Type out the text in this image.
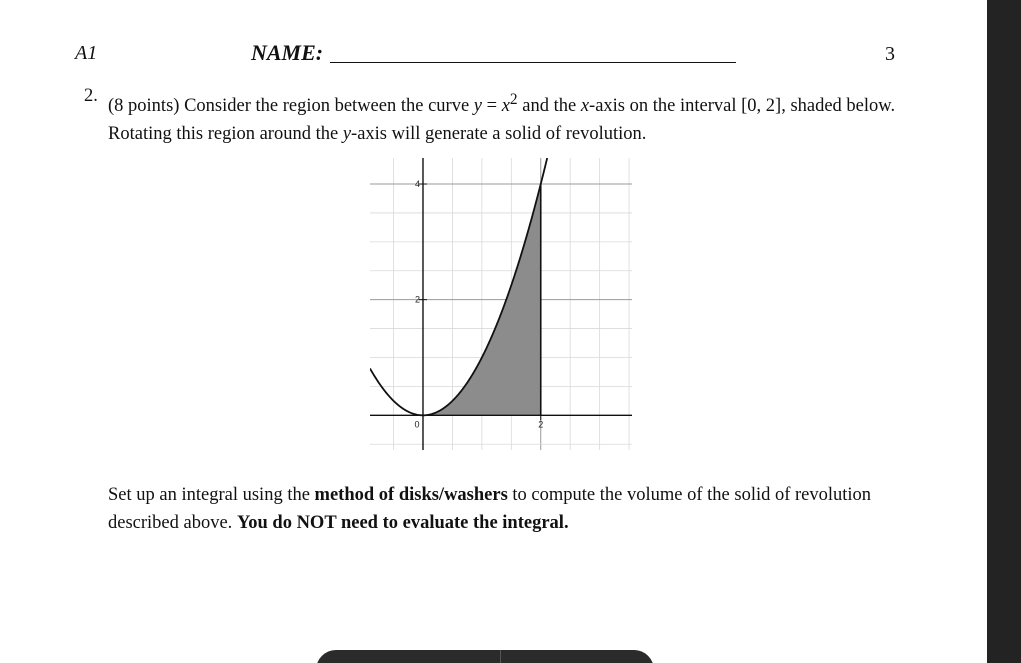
A1	NAME:	3
2.
(8 points) Consider the region between the curve $y = x^2$ and the x-axis on the interval [0, 2], shaded below. Rotating this region around the y-axis will generate a solid of revolution.
0	2
2
4
Set up an integral using the method of disks/washers to compute the volume of the solid of revolution described above. You do NOT need to evaluate the integral.
